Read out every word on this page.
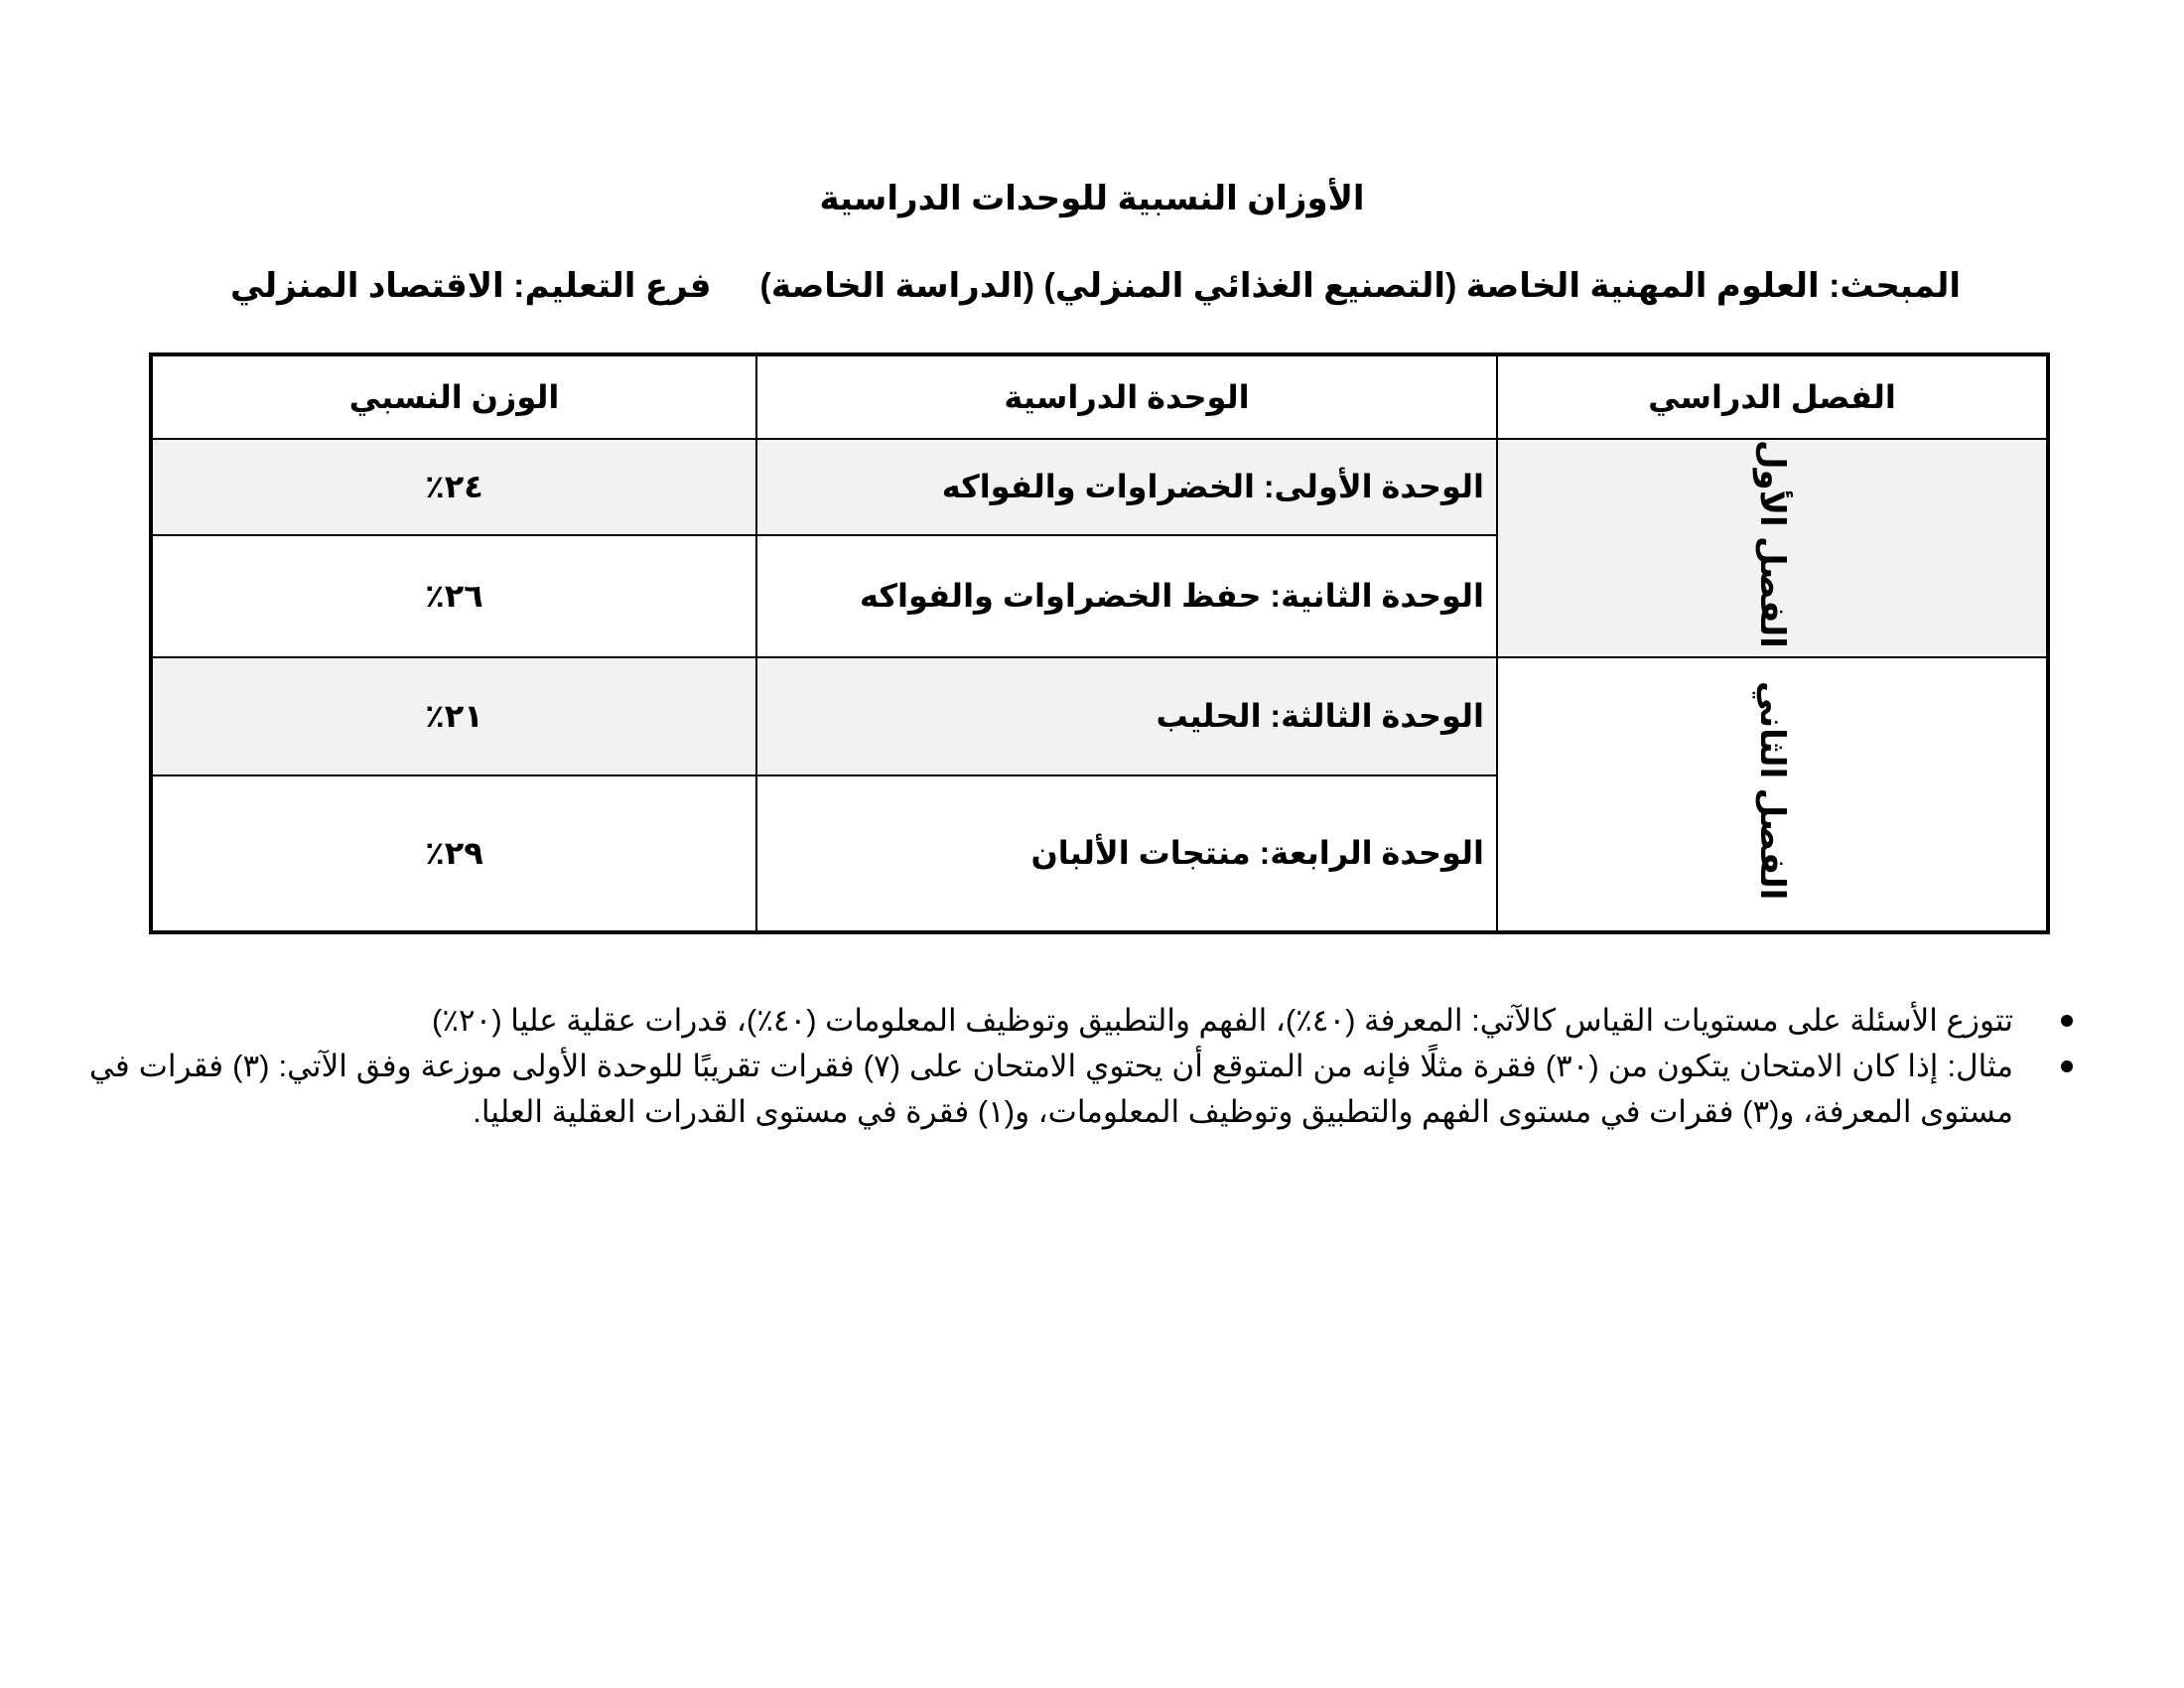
الأوزان النسبية للوحدات الدراسية
المبحث: العلوم المهنية الخاصة (التصنيع الغذائي المنزلي) (الدراسة الخاصة)
فرع التعليم: الاقتصاد المنزلي
الفصل الدراسي	الوحدة الدراسية	الوزن النسبي
الفصل الأول	الوحدة الأولى: الخضراوات والفواكه	٢٤٪
	الوحدة الثانية: حفظ الخضراوات والفواكه	٢٦٪
الفصل الثاني	الوحدة الثالثة: الحليب	٢١٪
	الوحدة الرابعة: منتجات الألبان	٢٩٪
تتوزع الأسئلة على مستويات القياس كالآتي: المعرفة (٤٠٪)، الفهم والتطبيق وتوظيف المعلومات (٤٠٪)، قدرات عقلية عليا (٢٠٪)
مثال: إذا كان الامتحان يتكون من (٣٠) فقرة مثلًا فإنه من المتوقع أن يحتوي الامتحان على (٧) فقرات تقريبًا للوحدة الأولى موزعة وفق الآتي: (٣) فقرات في مستوى المعرفة، و(٣) فقرات في مستوى الفهم والتطبيق وتوظيف المعلومات، و(١) فقرة في مستوى القدرات العقلية العليا.
